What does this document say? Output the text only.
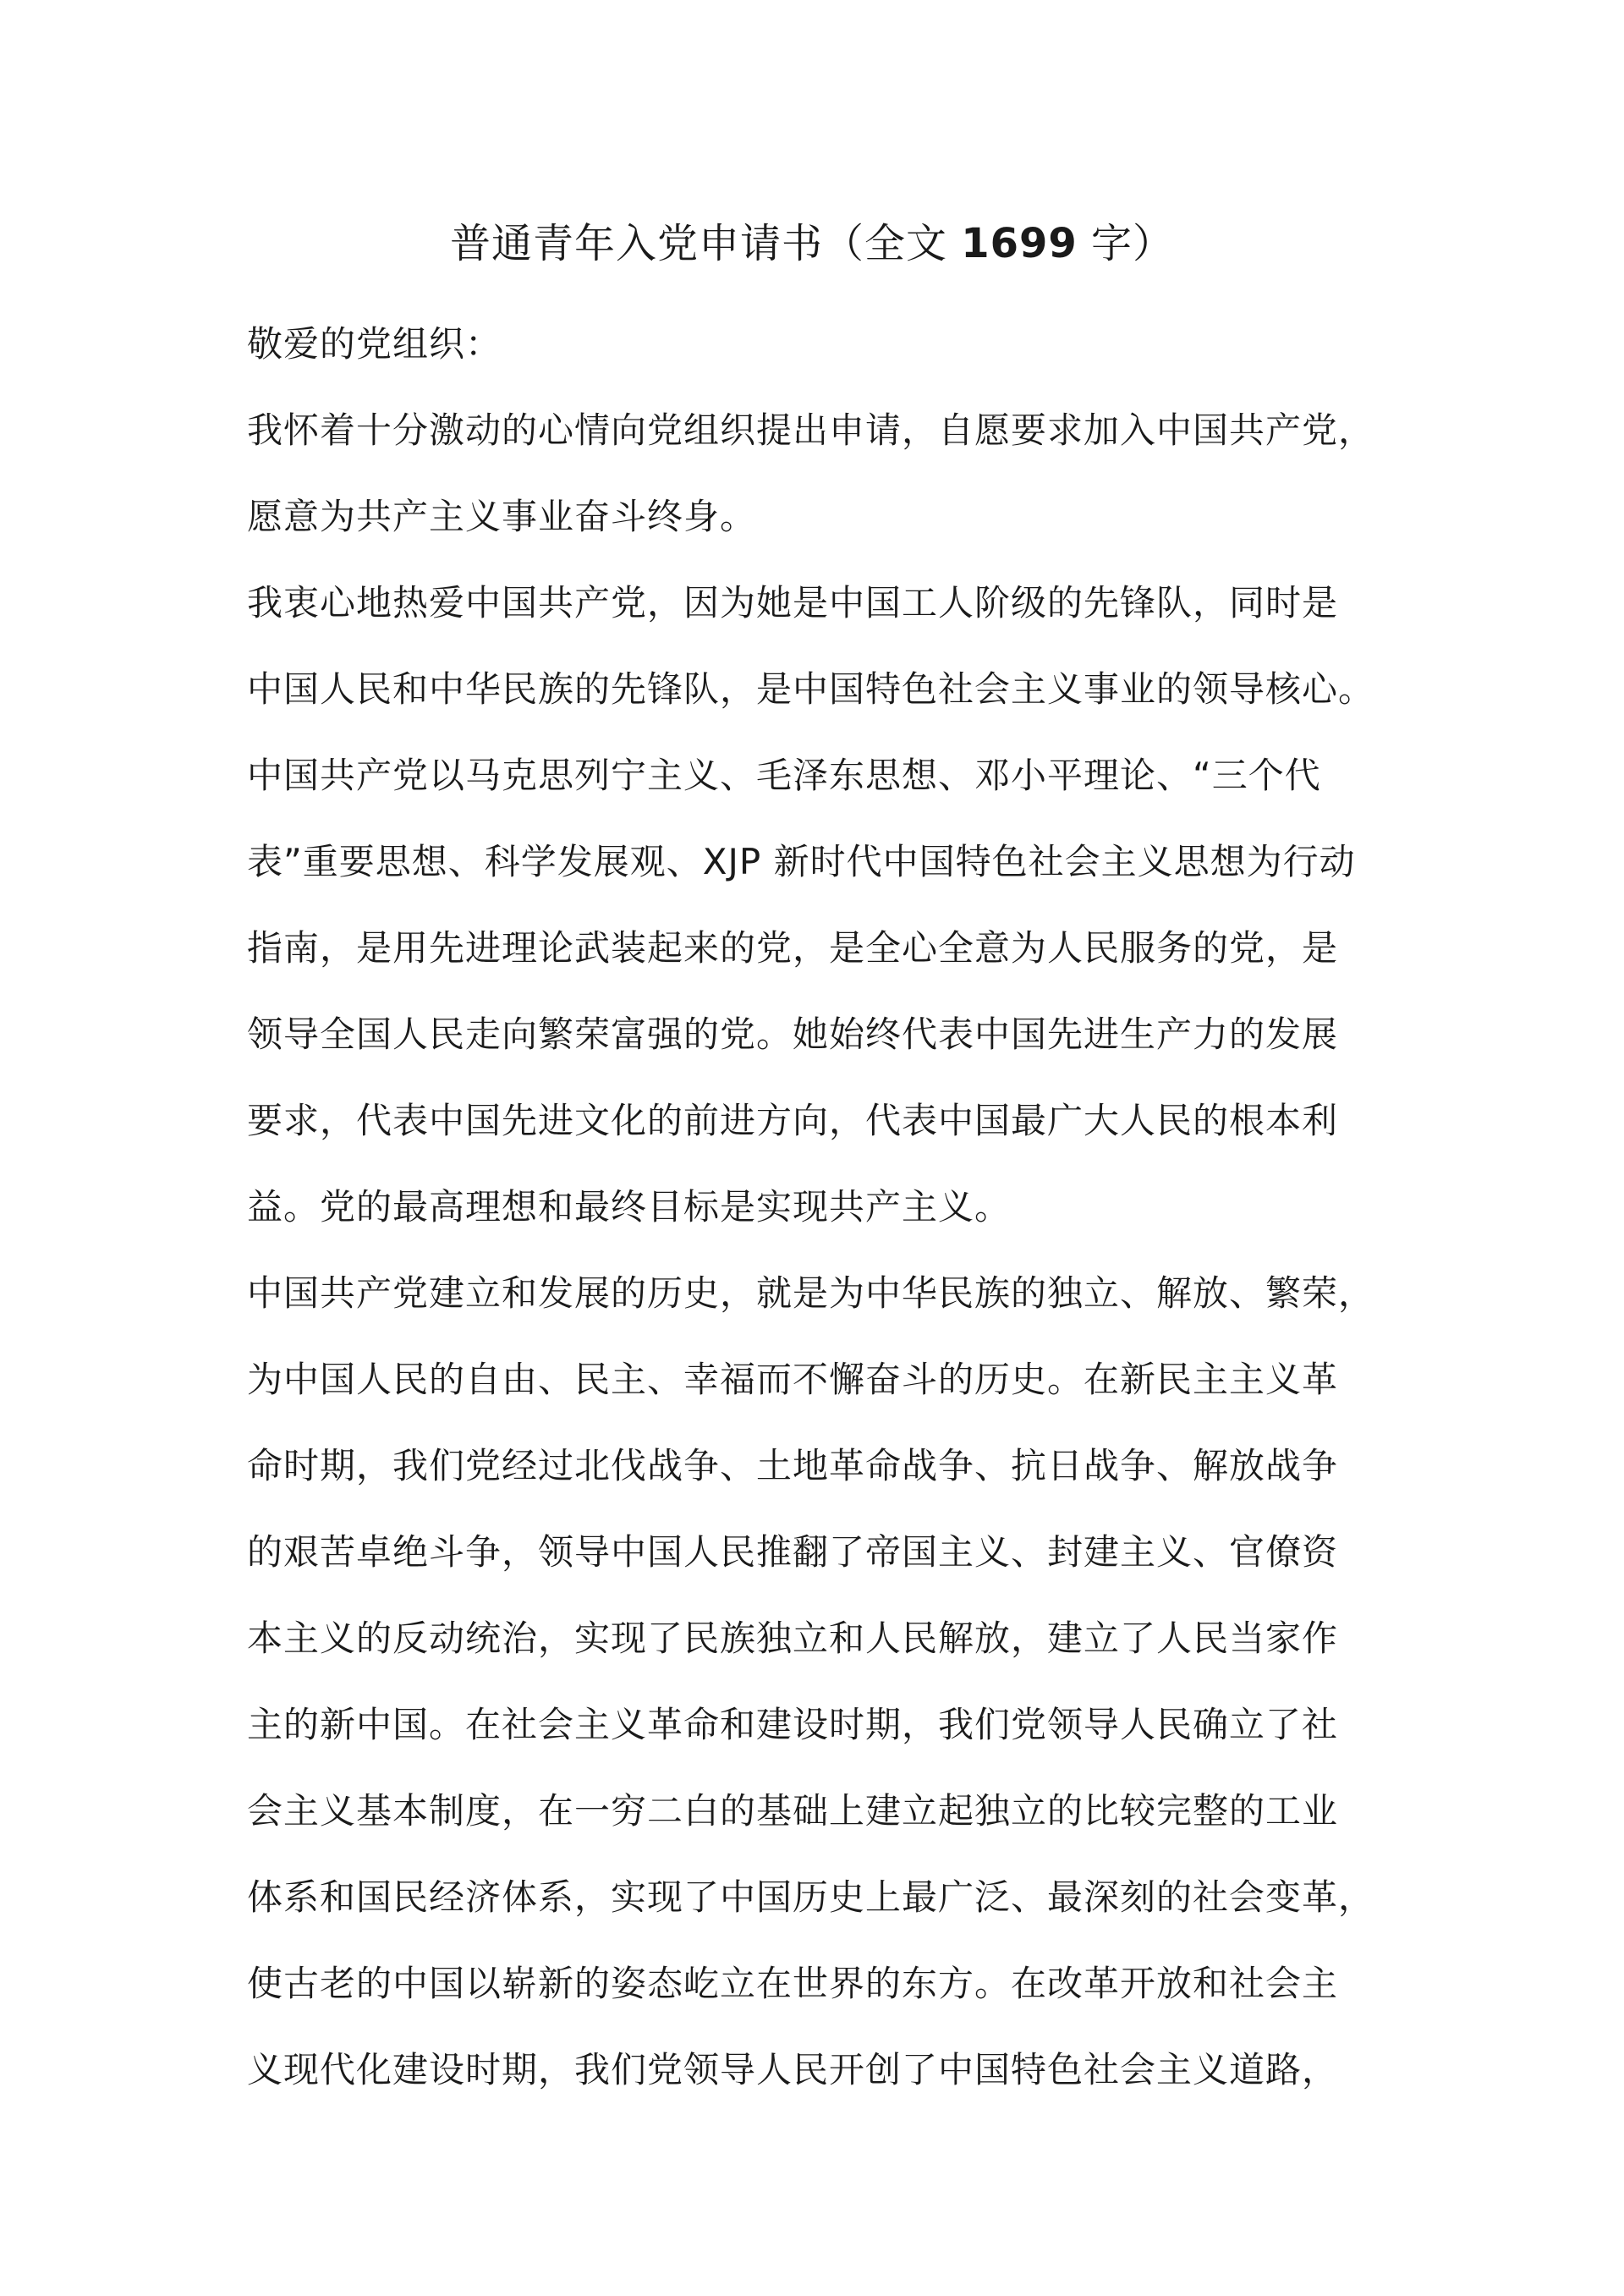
普通青年入党申请书（全文 1699 字）
敬爱的党组织：
我怀着十分激动的心情向党组织提出申请，自愿要求加入中国共产党，
愿意为共产主义事业奋斗终身。
我衷心地热爱中国共产党，因为她是中国工人阶级的先锋队，同时是
中国人民和中华民族的先锋队，是中国特色社会主义事业的领导核心。
中国共产党以马克思列宁主义、毛泽东思想、邓小平理论、“三个代
表”重要思想、科学发展观、XJP 新时代中国特色社会主义思想为行动
指南，是用先进理论武装起来的党，是全心全意为人民服务的党，是
领导全国人民走向繁荣富强的党。她始终代表中国先进生产力的发展
要求，代表中国先进文化的前进方向，代表中国最广大人民的根本利
益。党的最高理想和最终目标是实现共产主义。
中国共产党建立和发展的历史，就是为中华民族的独立、解放、繁荣，
为中国人民的自由、民主、幸福而不懈奋斗的历史。在新民主主义革
命时期，我们党经过北伐战争、土地革命战争、抗日战争、解放战争
的艰苦卓绝斗争，领导中国人民推翻了帝国主义、封建主义、官僚资
本主义的反动统治，实现了民族独立和人民解放，建立了人民当家作
主的新中国。在社会主义革命和建设时期，我们党领导人民确立了社
会主义基本制度，在一穷二白的基础上建立起独立的比较完整的工业
体系和国民经济体系，实现了中国历史上最广泛、最深刻的社会变革，
使古老的中国以崭新的姿态屹立在世界的东方。在改革开放和社会主
义现代化建设时期，我们党领导人民开创了中国特色社会主义道路，
